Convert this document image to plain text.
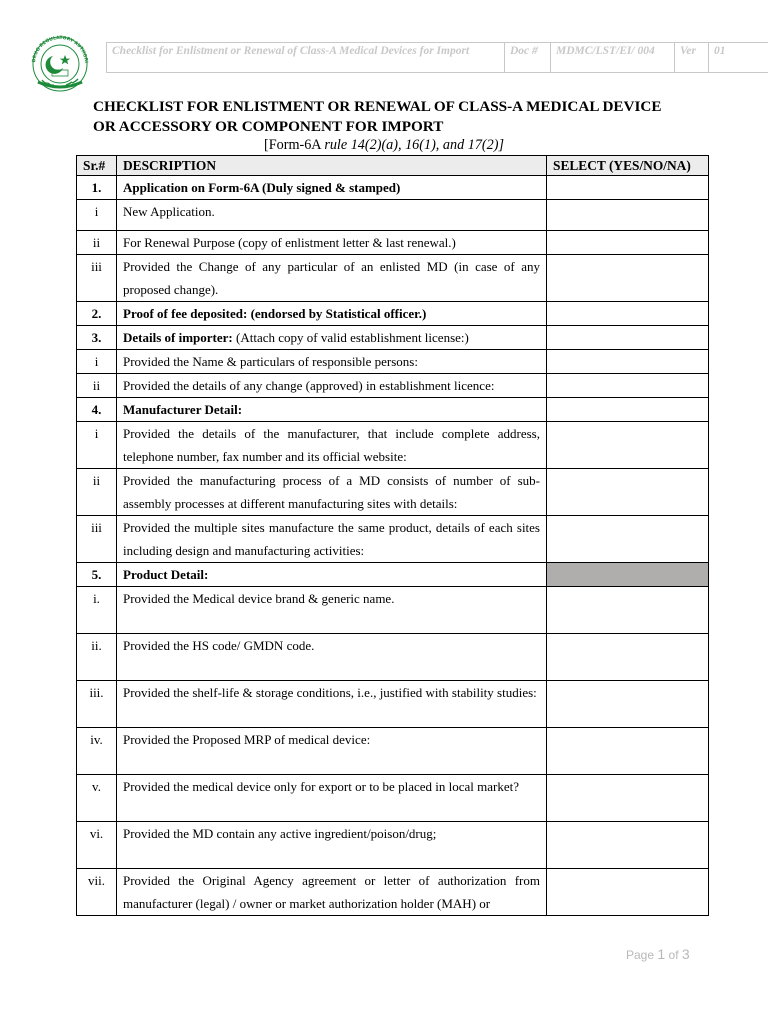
DRUG REGULATORY AUTHORI
Checklist for Enlistment or Renewal of Class-A Medical Devices for Import	Doc #	MDMC/LST/EI/ 004	Ver	01
CHECKLIST FOR ENLISTMENT OR RENEWAL OF CLASS-A MEDICAL DEVICE
OR ACCESSORY OR COMPONENT FOR IMPORT
[Form-6A rule 14(2)(a), 16(1), and 17(2)]
Sr.#	DESCRIPTION	SELECT (YES/NO/NA)
1.	Application on Form-6A (Duly signed & stamped)	
i	New Application.	
ii	For Renewal Purpose (copy of enlistment letter & last renewal.)	
iii	Provided the Change of any particular of an enlisted MD (in case of any proposed change).	
2.	Proof of fee deposited: (endorsed by Statistical officer.)	
3.	Details of importer: (Attach copy of valid establishment license:)	
i	Provided the Name & particulars of responsible persons:	
ii	Provided the details of any change (approved) in establishment licence:	
4.	Manufacturer Detail:	
i	Provided the details of the manufacturer, that include complete address, telephone number, fax number and its official website:	
ii	Provided the manufacturing process of a MD consists of number of sub-assembly processes at different manufacturing sites with details:	
iii	Provided the multiple sites manufacture the same product, details of each sites including design and manufacturing activities:	
5.	Product Detail:	
i.	Provided the Medical device brand & generic name.	
ii.	Provided the HS code/ GMDN code.	
iii.	Provided the shelf-life & storage conditions, i.e., justified with stability studies:	
iv.	Provided the Proposed MRP of medical device:	
v.	Provided the medical device only for export or to be placed in local market?	
vi.	Provided the MD contain any active ingredient/poison/drug;	
vii.	Provided the Original Agency agreement or letter of authorization from manufacturer (legal) / owner or market authorization holder (MAH) or	
Page 1 of 3
